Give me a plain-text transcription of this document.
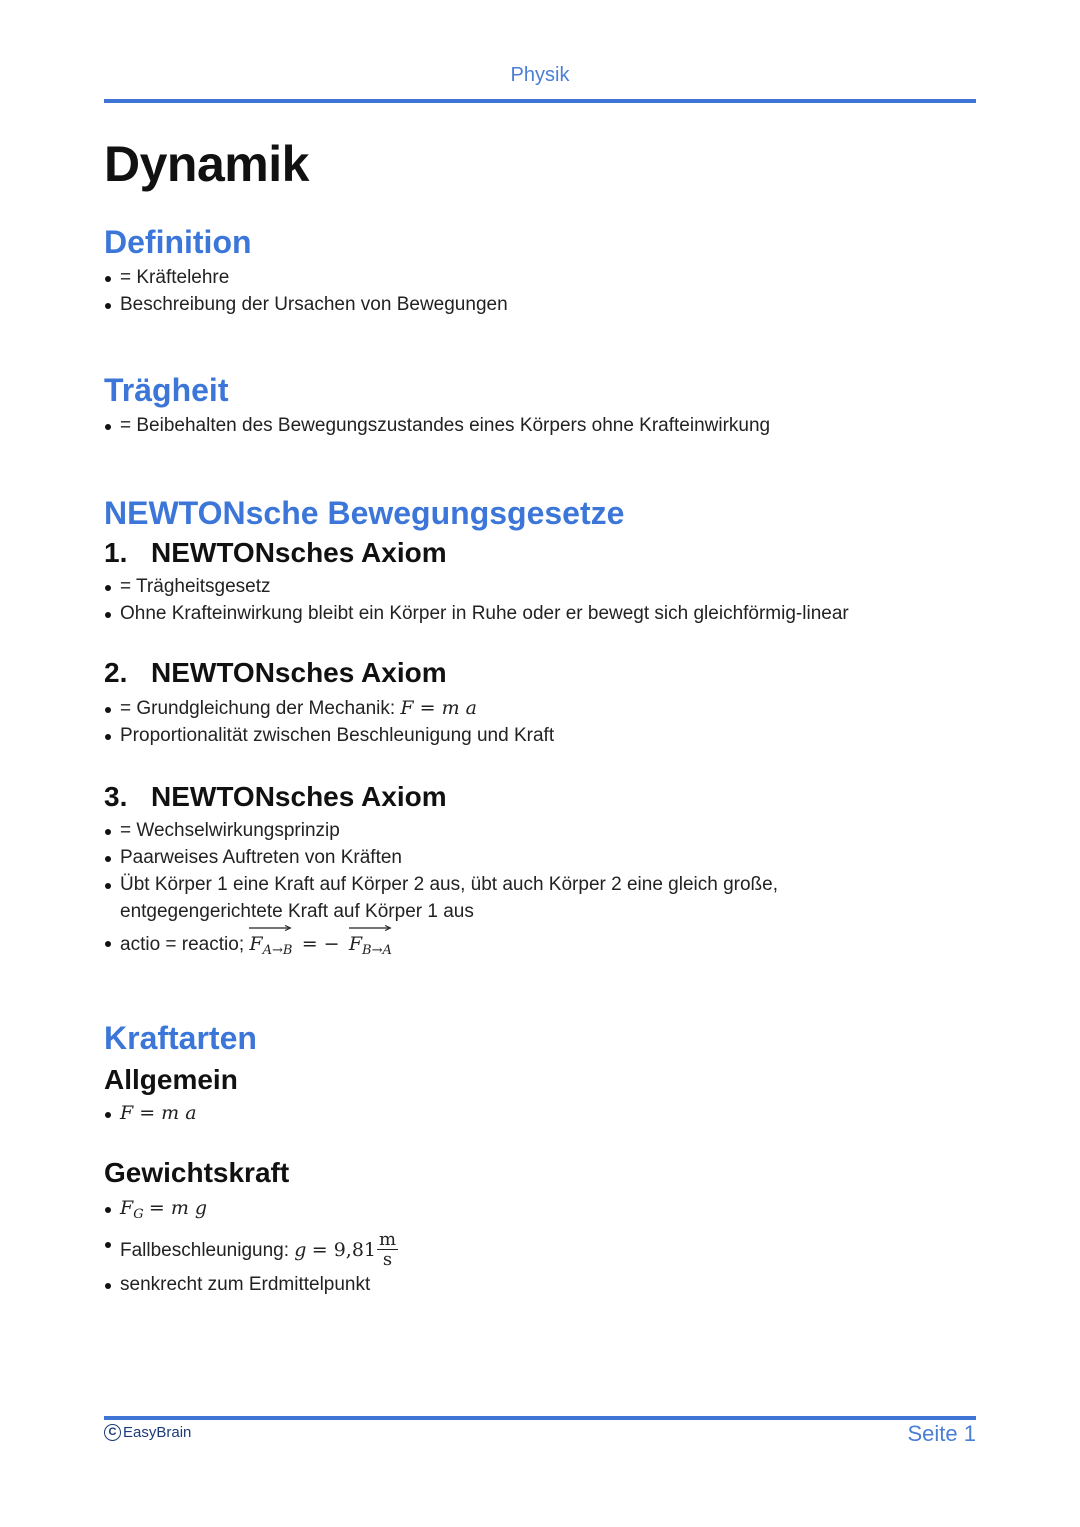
Physik
Dynamik
Definition
= Kräftelehre
Beschreibung der Ursachen von Bewegungen
Trägheit
= Beibehalten des Bewegungszustandes eines Körpers ohne Krafteinwirkung
NEWTONsche Bewegungsgesetze
1. NEWTONsches Axiom
= Trägheitsgesetz
Ohne Krafteinwirkung bleibt ein Körper in Ruhe oder er bewegt sich gleichförmig-linear
2. NEWTONsches Axiom
= Grundgleichung der Mechanik: F = m a
Proportionalität zwischen Beschleunigung und Kraft
3. NEWTONsches Axiom
= Wechselwirkungsprinzip
Paarweises Auftreten von Kräften
Übt Körper 1 eine Kraft auf Körper 2 aus, übt auch Körper 2 eine gleich große, entgegengerichtete Kraft auf Körper 1 aus
actio = reactio;
$F_{A\to B}$ = − $F_{B\to A}$
Kraftarten
Allgemein
F = m a
Gewichtskraft
$F_G = m$ g
Fallbeschleunigung: $g = 9,81 \frac{m}{s}$
senkrecht zum Erdmittelpunkt
C EasyBrain	Seite 1
